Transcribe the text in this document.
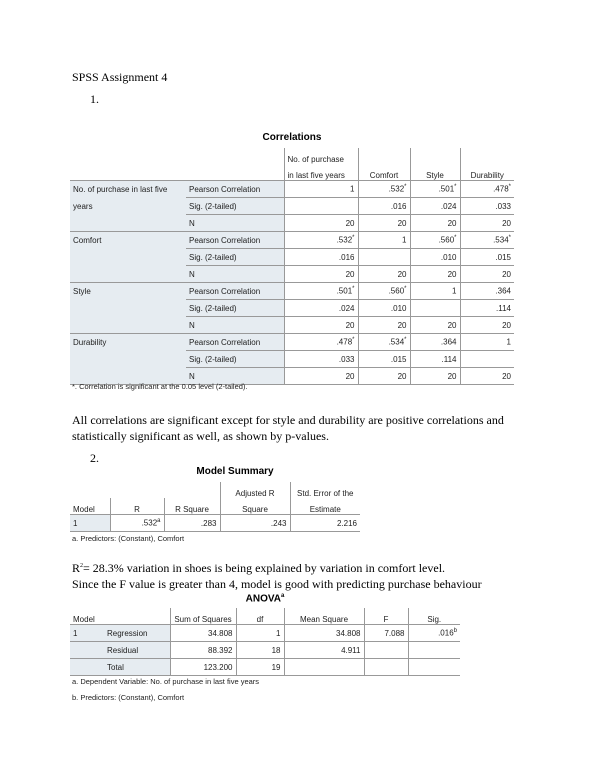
SPSS Assignment 4
1.
Correlations
		No. of purchase			
		in last five years	Comfort	Style	Durability
No. of purchase in last five	Pearson Correlation	1	.532*	.501*	.478*
years	Sig. (2-tailed)		.016	.024	.033
	N	20	20	20	20
Comfort	Pearson Correlation	.532*	1	.560*	.534*
	Sig. (2-tailed)	.016		.010	.015
	N	20	20	20	20
Style	Pearson Correlation	.501*	.560*	1	.364
	Sig. (2-tailed)	.024	.010		.114
	N	20	20	20	20
Durability	Pearson Correlation	.478*	.534*	.364	1
	Sig. (2-tailed)	.033	.015	.114	
	N	20	20	20	20
*. Correlation is significant at the 0.05 level (2-tailed).
All correlations are significant except for style and durability are positive correlations and
statistically significant as well, as shown by p-values.
2.
Model Summary
			Adjusted R	Std. Error of the
Model	R	R Square	Square	Estimate
1	.532$^a$	.283	.243	2.216
a. Predictors: (Constant), Comfort
$R^2= 28.3\%$ variation in shoes is being explained by variation in comfort level.
Since the F value is greater than 4, model is good with predicting purchase behaviour
ANOVA$^a$
Model		Sum of Squares	df	Mean Square	F	Sig.
1	Regression	34.808	1	34.808	7.088	.016$^b$
	Residual	88.392	18	4.911		
	Total	123.200	19			
a. Dependent Variable: No. of purchase in last five years
b. Predictors: (Constant), Comfort
